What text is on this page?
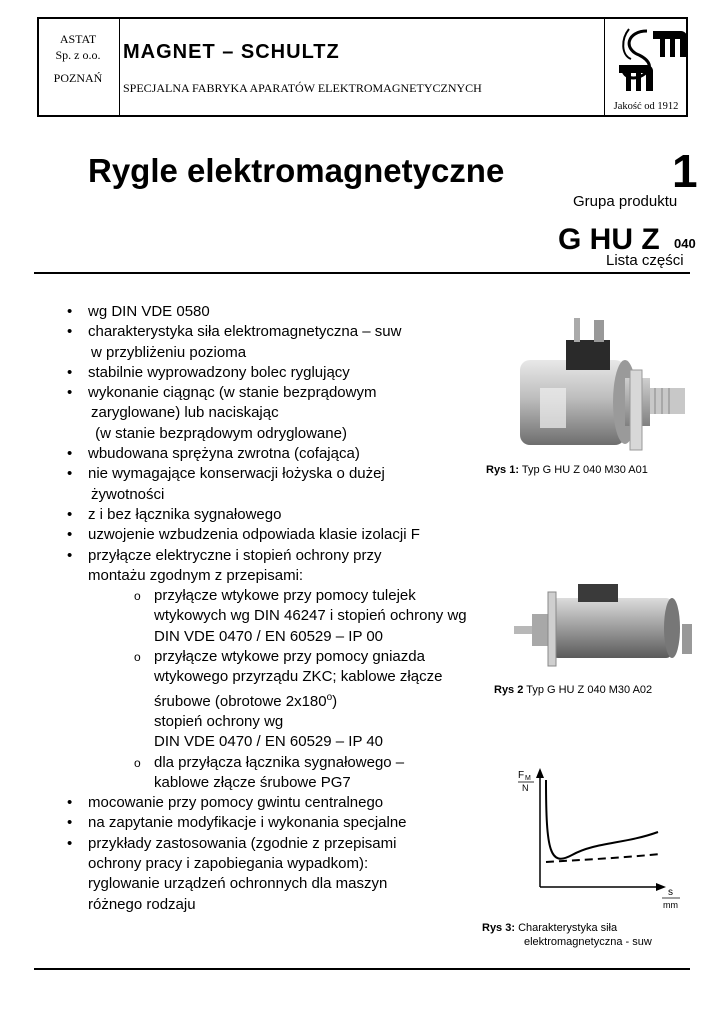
ASTAT
Sp. z o.o.
POZNAŃ
MAGNET – SCHULTZ
SPECJALNA FABRYKA APARATÓW ELEKTROMAGNETYCZNYCH
Jakość od 1912
Rygle elektromagnetyczne	1
Grupa produktu
G HU Z 040
Lista części
• wg DIN VDE 0580
• charakterystyka siła elektromagnetyczna – suw
w przybliżeniu pozioma
• stabilnie wyprowadzony bolec ryglujący
• wykonanie ciągnąc (w stanie bezprądowym
zaryglowane) lub naciskając
(w stanie bezprądowym odryglowane)
• wbudowana sprężyna zwrotna (cofająca)
• nie wymagające konserwacji łożyska o dużej
żywotności
• z i bez łącznika sygnałowego
• uzwojenie wzbudzenia odpowiada klasie izolacji F
• przyłącze elektryczne i stopień ochrony przy
montażu zgodnym z przepisami:
o przyłącze wtykowe przy pomocy tulejek
wtykowych wg DIN 46247 i stopień ochrony wg
DIN VDE 0470 / EN 60529 – IP 00
o przyłącze wtykowe przy pomocy gniazda
wtykowego przyrządu ZKC; kablowe złącze
śrubowe (obrotowe 2x180$^o$)
stopień ochrony wg
DIN VDE 0470 / EN 60529 – IP 40
o dla przyłącza łącznika sygnałowego –
kablowe złącze śrubowe PG7
• mocowanie przy pomocy gwintu centralnego
• na zapytanie modyfikacje i wykonania specjalne
• przykłady zastosowania (zgodnie z przepisami
ochrony pracy i zapobiegania wypadkom):
ryglowanie urządzeń ochronnych dla maszyn
różnego rodzaju
Rys 1: Typ G HU Z 040 M30 A01
Rys 2 Typ G HU Z 040 M30 A02
F M
N
s
mm
Rys 3: Charakterystyka siła
elektromagnetyczna - suw
